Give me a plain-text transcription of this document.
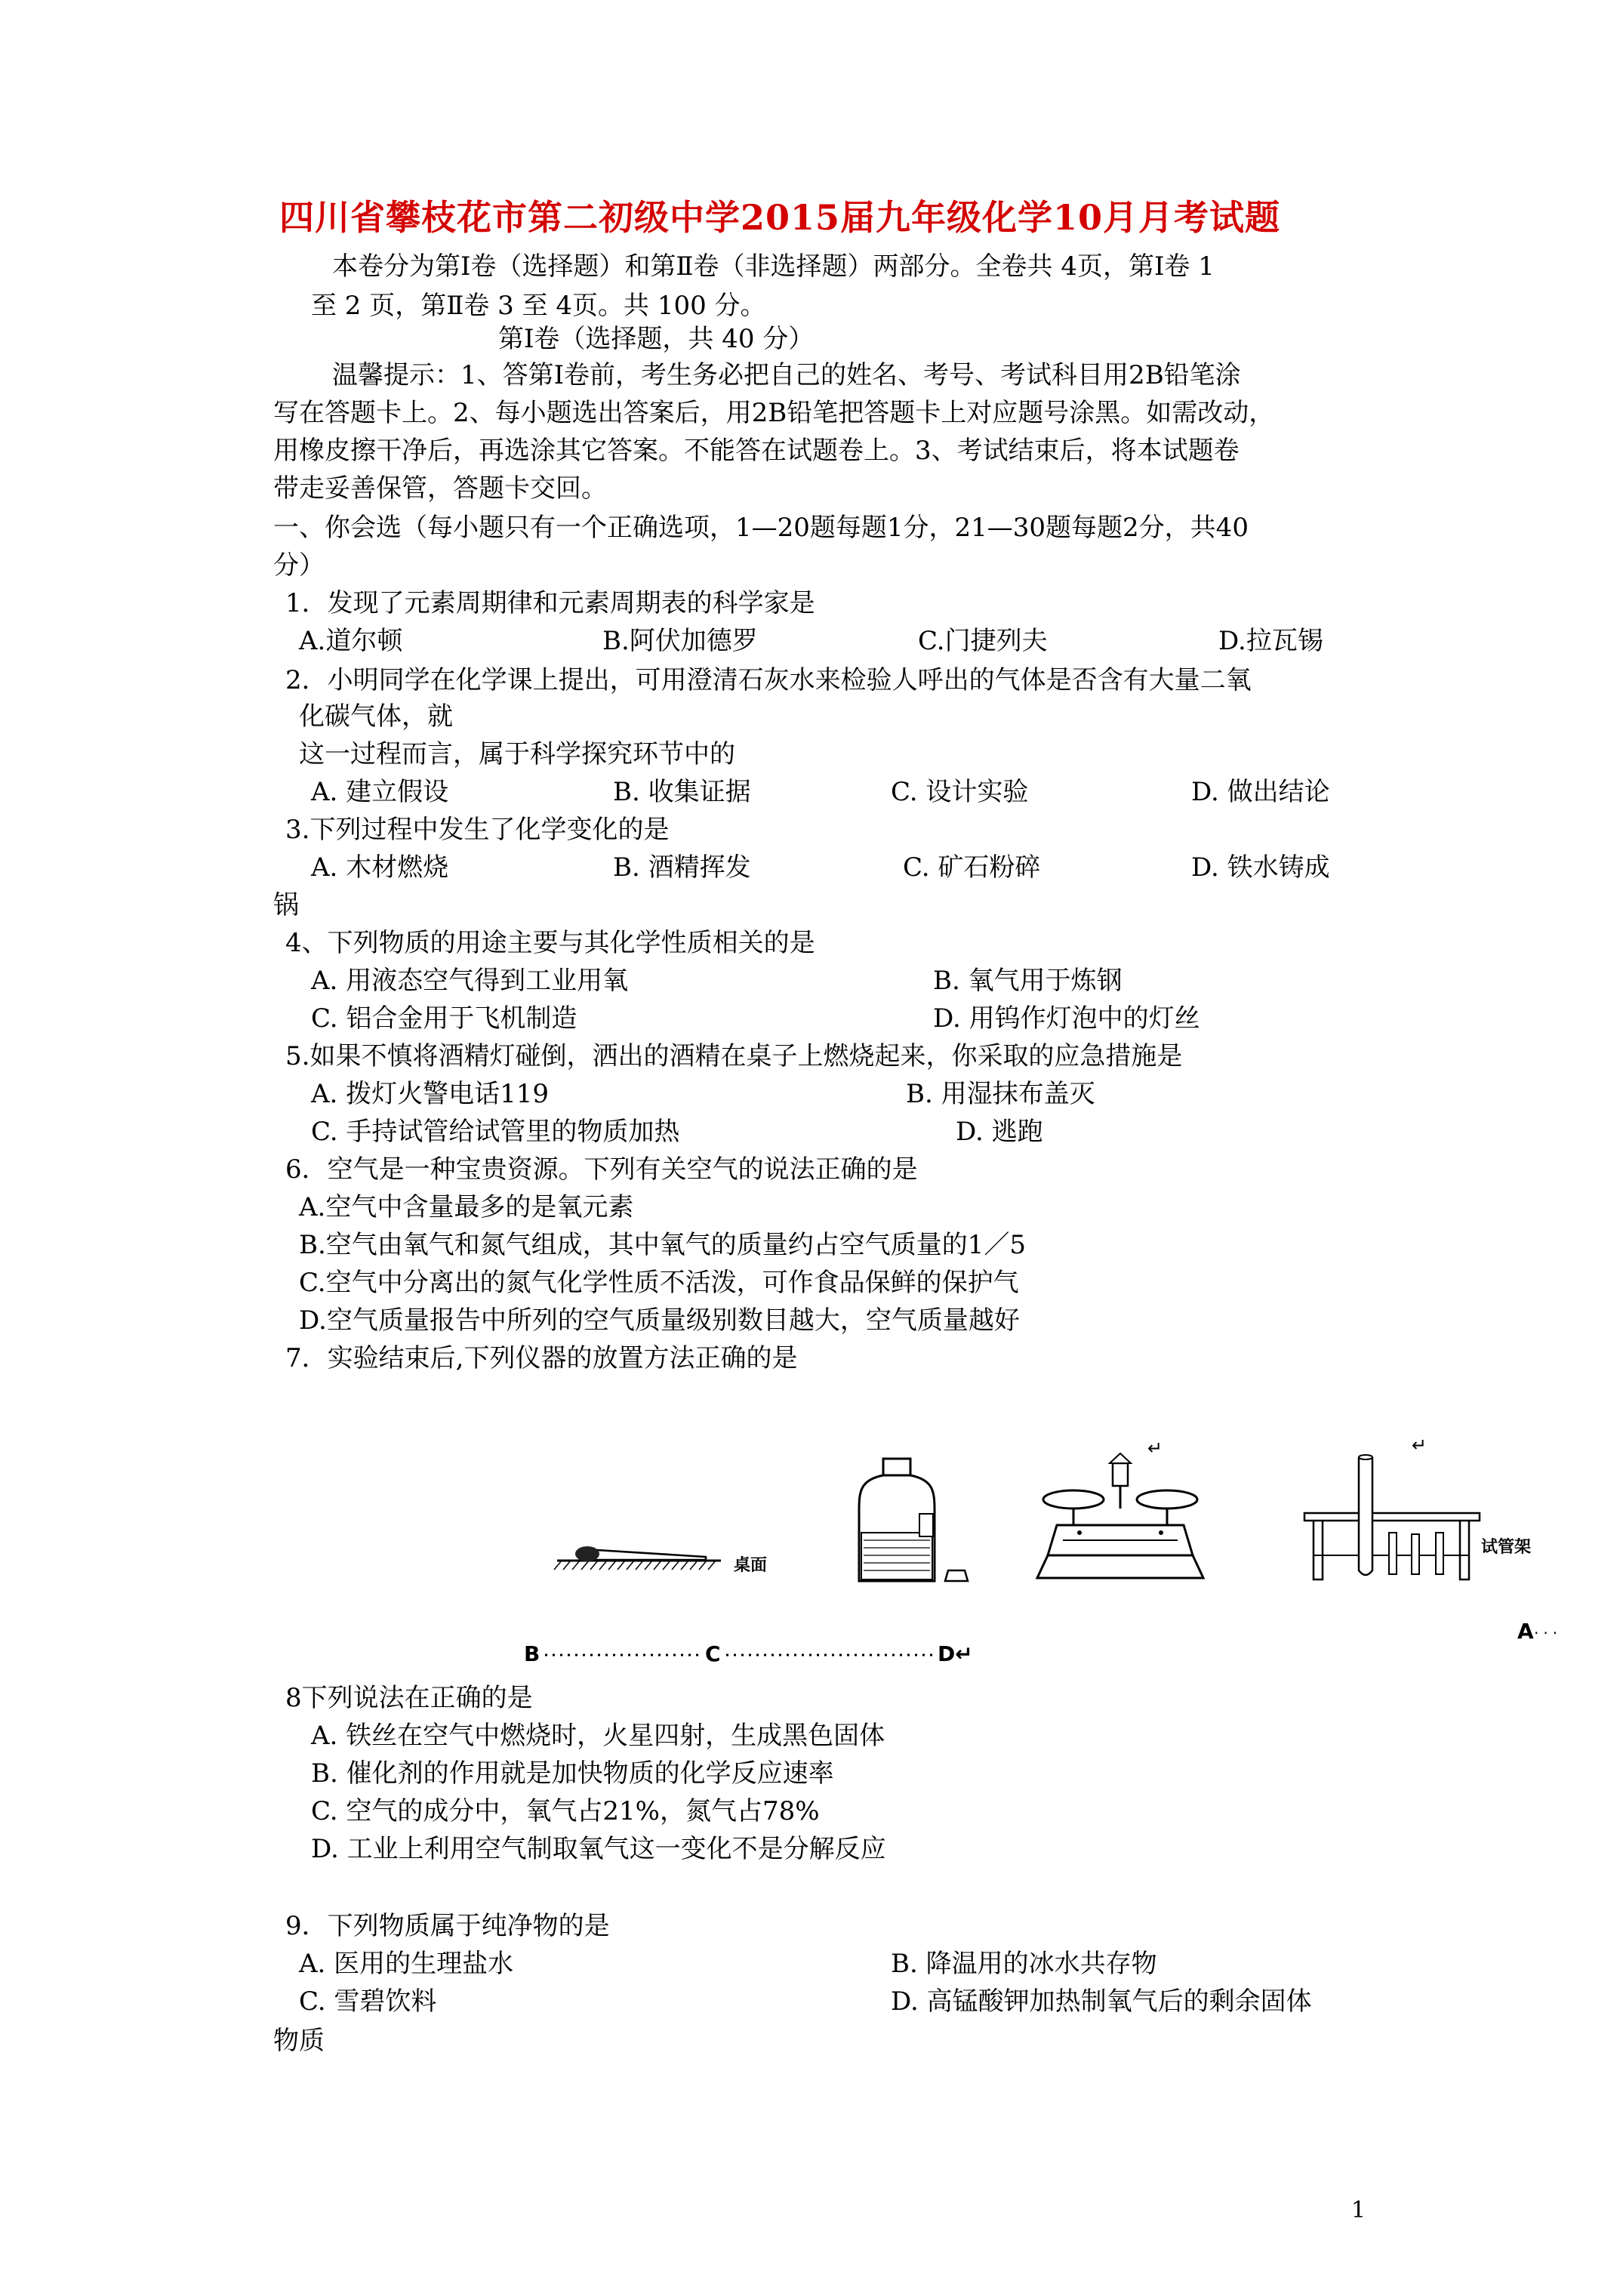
四川省攀枝花市第二初级中学2015届九年级化学10月月考试题
本卷分为第Ⅰ卷（选择题）和第Ⅱ卷（非选择题）两部分。全卷共 4页，第Ⅰ卷 1
至 2 页，第Ⅱ卷 3 至 4页。共 100 分。
第Ⅰ卷（选择题，共 40 分）
温馨提示：1、答第Ⅰ卷前，考生务必把自己的姓名、考号、考试科目用2B铅笔涂
写在答题卡上。2、每小题选出答案后，用2B铅笔把答题卡上对应题号涂黑。如需改动，
用橡皮擦干净后，再选涂其它答案。不能答在试题卷上。3、考试结束后，将本试题卷
带走妥善保管，答题卡交回。
一、你会选（每小题只有一个正确选项，1—20题每题1分，21—30题每题2分，共40
分）
1．发现了元素周期律和元素周期表的科学家是
A.道尔顿	B.阿伏加德罗	C.门捷列夫	D.拉瓦锡
2．小明同学在化学课上提出，可用澄清石灰水来检验人呼出的气体是否含有大量二氧
化碳气体，就
这一过程而言，属于科学探究环节中的
A. 建立假设	B. 收集证据	C. 设计实验	D. 做出结论
3.下列过程中发生了化学变化的是
A. 木材燃烧	B. 酒精挥发	C. 矿石粉碎	D. 铁水铸成
锅
4、下列物质的用途主要与其化学性质相关的是
A. 用液态空气得到工业用氧	B. 氧气用于炼钢
C. 铝合金用于飞机制造	D. 用钨作灯泡中的灯丝
5.如果不慎将酒精灯碰倒，洒出的酒精在桌子上燃烧起来，你采取的应急措施是
A. 拨灯火警电话119	B. 用湿抹布盖灭
C. 手持试管给试管里的物质加热	D. 逃跑
6．空气是一种宝贵资源。下列有关空气的说法正确的是
A.空气中含量最多的是氧元素
B.空气由氧气和氮气组成，其中氧气的质量约占空气质量的1／5
C.空气中分离出的氮气化学性质不活泼，可作食品保鲜的保护气
D.空气质量报告中所列的空气质量级别数目越大，空气质量越好
7．实验结束后,下列仪器的放置方法正确的是
桌面
↵	↵
试管架
A ···
B	C	D↵
8下列说法在正确的是
A. 铁丝在空气中燃烧时，火星四射，生成黑色固体
B. 催化剂的作用就是加快物质的化学反应速率
C. 空气的成分中，氧气占21%，氮气占78%
D. 工业上利用空气制取氧气这一变化不是分解反应
9．下列物质属于纯净物的是
A. 医用的生理盐水	B. 降温用的冰水共存物
C. 雪碧饮料	D. 高锰酸钾加热制氧气后的剩余固体
物质
1
